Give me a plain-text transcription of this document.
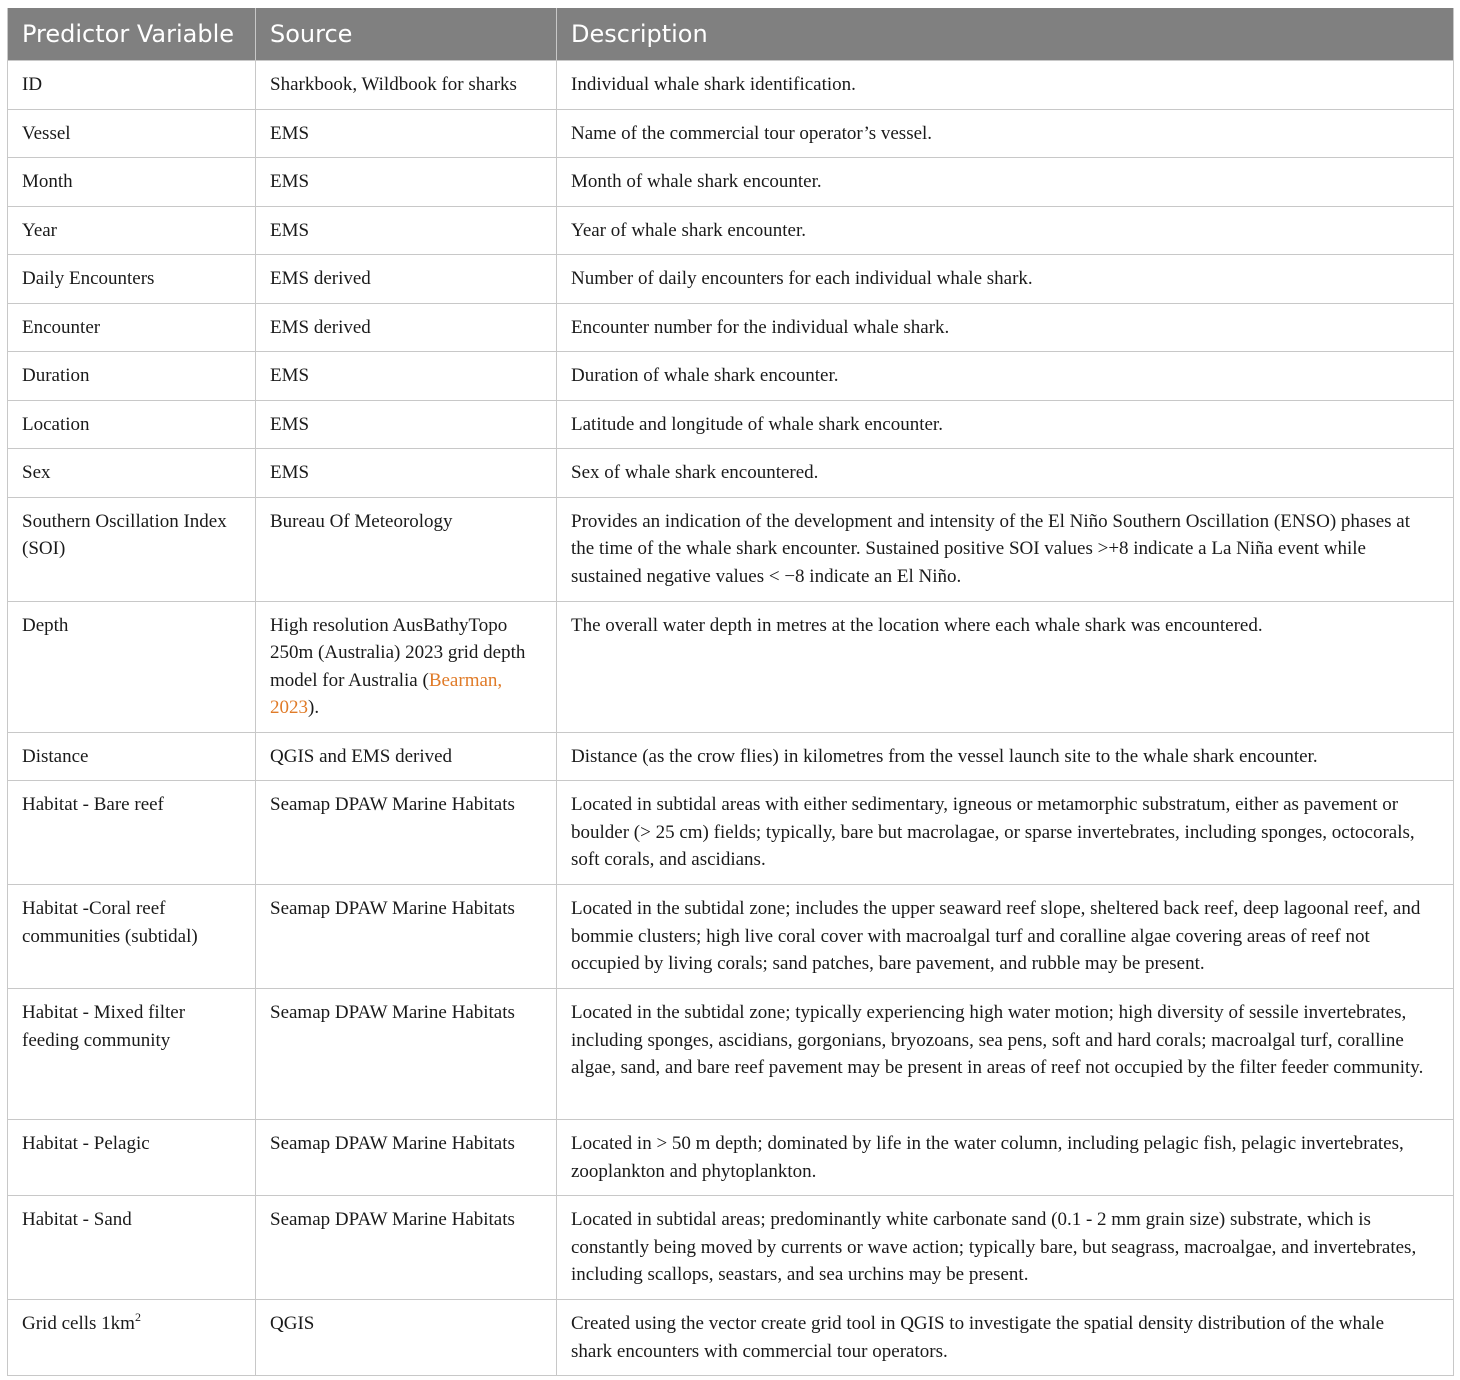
Predictor Variable	Source	Description
ID	Sharkbook, Wildbook for sharks	Individual whale shark identification.
Vessel	EMS	Name of the commercial tour operator’s vessel.
Month	EMS	Month of whale shark encounter.
Year	EMS	Year of whale shark encounter.
Daily Encounters	EMS derived	Number of daily encounters for each individual whale shark.
Encounter	EMS derived	Encounter number for the individual whale shark.
Duration	EMS	Duration of whale shark encounter.
Location	EMS	Latitude and longitude of whale shark encounter.
Sex	EMS	Sex of whale shark encountered.
Southern Oscillation Index (SOI)	Bureau Of Meteorology	Provides an indication of the development and intensity of the El Niño Southern Oscillation (ENSO) phases at the time of the whale shark encounter. Sustained positive SOI values >+8 indicate a La Niña event while sustained negative values < −8 indicate an El Niño.
Depth	High resolution AusBathyTopo 250m (Australia) 2023 grid depth model for Australia (Bearman, 2023).	The overall water depth in metres at the location where each whale shark was encountered.
Distance	QGIS and EMS derived	Distance (as the crow flies) in kilometres from the vessel launch site to the whale shark encounter.
Habitat - Bare reef	Seamap DPAW Marine Habitats	Located in subtidal areas with either sedimentary, igneous or metamorphic substratum, either as pavement or boulder (> 25 cm) fields; typically, bare but macrolagae, or sparse invertebrates, including sponges, octocorals, soft corals, and ascidians.
Habitat -Coral reef communities (subtidal)	Seamap DPAW Marine Habitats	Located in the subtidal zone; includes the upper seaward reef slope, sheltered back reef, deep lagoonal reef, and bommie clusters; high live coral cover with macroalgal turf and coralline algae covering areas of reef not occupied by living corals; sand patches, bare pavement, and rubble may be present.
Habitat - Mixed filter feeding community	Seamap DPAW Marine Habitats	Located in the subtidal zone; typically experiencing high water motion; high diversity of sessile invertebrates, including sponges, ascidians, gorgonians, bryozoans, sea pens, soft and hard corals; macroalgal turf, coralline algae, sand, and bare reef pavement may be present in areas of reef not occupied by the filter feeder community.
Habitat - Pelagic	Seamap DPAW Marine Habitats	Located in > 50 m depth; dominated by life in the water column, including pelagic fish, pelagic invertebrates, zooplankton and phytoplankton.
Habitat - Sand	Seamap DPAW Marine Habitats	Located in subtidal areas; predominantly white carbonate sand (0.1 - 2 mm grain size) substrate, which is constantly being moved by currents or wave action; typically bare, but seagrass, macroalgae, and invertebrates, including scallops, seastars, and sea urchins may be present.
Grid cells $1km^2$	QGIS	Created using the vector create grid tool in QGIS to investigate the spatial density distribution of the whale shark encounters with commercial tour operators.
